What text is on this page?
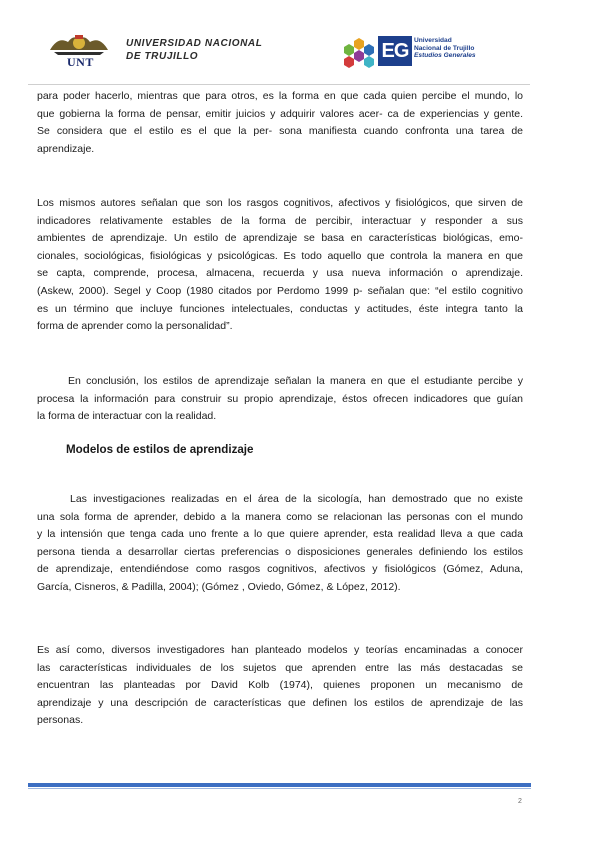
UNT
UNIVERSIDAD NACIONAL
DE TRUJILLO	EG Universidad
Nacional de Trujillo
Estudios Generales
para poder hacerlo, mientras que para otros, es la forma en que cada quien percibe el mundo, lo
que gobierna la forma de pensar, emitir juicios y adquirir valores acer- ca de experiencias y gente.
Se considera que el estilo es el que la per- sona manifiesta cuando confronta una tarea de
aprendizaje.
Los mismos autores señalan que son los rasgos cognitivos, afectivos y fisiológicos, que sirven de
indicadores relativamente estables de la forma de percibir, interactuar y responder a sus
ambientes de aprendizaje. Un estilo de aprendizaje se basa en características biológicas, emo-
cionales, sociológicas, fisiológicas y psicológicas. Es todo aquello que controla la manera en que
se capta, comprende, procesa, almacena, recuerda y usa nueva información o aprendizaje.
(Askew, 2000). Segel y Coop (1980 citados por Perdomo 1999 p- señalan que: “el estilo cognitivo
es un término que incluye funciones intelectuales, conductas y actitudes, éste integra tanto la
forma de aprender como la personalidad”.
En conclusión, los estilos de aprendizaje señalan la manera en que el estudiante percibe y
procesa la información para construir su propio aprendizaje, éstos ofrecen indicadores que guían
la forma de interactuar con la realidad.
Modelos de estilos de aprendizaje
Las investigaciones realizadas en el área de la sicología, han demostrado que no existe
una sola forma de aprender, debido a la manera como se relacionan las personas con el mundo
y la intensión que tenga cada uno frente a lo que quiere aprender, esta realidad lleva a que cada
persona tienda a desarrollar ciertas preferencias o disposiciones generales definiendo los estilos
de aprendizaje, entendiéndose como rasgos cognitivos, afectivos y fisiológicos (Gómez, Aduna,
García, Cisneros, & Padilla, 2004); (Gómez , Oviedo, Gómez, & López, 2012).
Es así como, diversos investigadores han planteado modelos y teorías encaminadas a conocer
las características individuales de los sujetos que aprenden entre las más destacadas se
encuentran las planteadas por David Kolb (1974), quienes proponen un mecanismo de
aprendizaje y una descripción de características que definen los estilos de aprendizaje de las
personas.
2
